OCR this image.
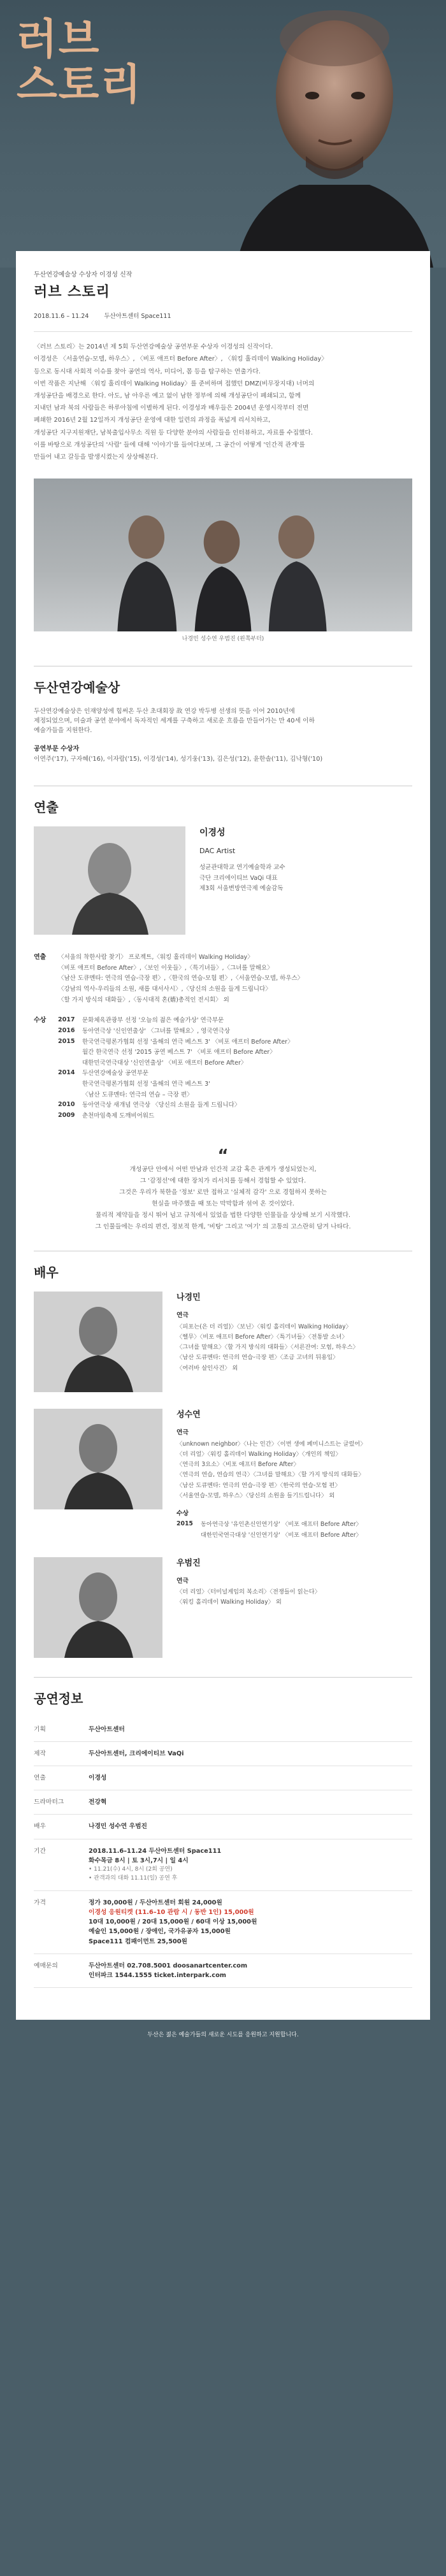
러브
스토리
두산연강예술상 수상자 이경성 신작
러브 스토리
2018.11.6 – 11.24	두산아트센터 Space111

〈러브 스토리〉는 2014년 제 5회 두산연강예술상 공연부문 수상자 이경성의 신작이다.

이경성은 〈서울연습-모델, 하우스〉, 〈비포 애프터 Before After〉, 〈워킹 홀리데이 Walking Holiday〉

등으로 동시대 사회적 이슈를 찾아 공연의 역사, 미디어, 몸 등을 탐구하는 연출가다.

이번 작품은 지난해 〈워킹 홀리데이 Walking Holiday〉를 준비하며 접했던 DMZ(비무장지대) 너머의

개성공단을 배경으로 한다. 아도, 남 아우른 예고 없이 남한 정부에 의해 개성공단이 폐쇄되고, 함께

지내던 남과 북의 사람들은 하루아침에 이별하게 된다. 이경성과 배우들은 2004년 운영시작부터 전면

폐쇄한 2016년 2월 12일까지 개성공단 운영에 대한 일련의 과정을 폭넓게 리서치하고,

개성공단 지구지원재단, 남북출입사무소 직원 등 다양한 분야의 사람들을 인터뷰하고, 자료를 수집했다.

이를 바탕으로 개성공단의 '사람' 들에 대해 '이야기'를 들여다보며, 그 공간이 어떻게 '인간적 관계'를

만들어 내고 갈등을 발생시켰는지 상상해본다.

나경민 성수연 우범진 (왼쪽부터)
두산연강예술상

두산연강예술상은 인재양성에 힘써온 두산 초대회장 故 연강 박두병 선생의 뜻을 이어 2010년에

제정되었으며, 미술과 공연 분야에서 독자적인 세계를 구축하고 새로운 흐름을 만들어가는 만 40세 이하

예술가들을 지원한다.

공연부문 수상자

이연주('17), 구자혜('16), 이자람('15), 이경성('14), 성기웅('13), 김은성('12), 윤한솔('11), 김낙형('10)

연출
이경성
DAC Artist
성균관대학교 연기예술학과 교수
극단 크리에이티브 VaQi 대표
제3회 서울변방연극제 예술감독
연출	〈서울의 착한사람 찾기〉 프로젝트,〈워킹 홀리데이 Walking Holiday〉

〈비포 애프터 Before After〉,〈보인 이웃들〉,〈특기녀들〉,〈그녀를 말해요〉

〈남산 도큐멘타: 연극의 연습-극장 편〉,〈한국의 연습-모험 편〉,〈서울연습-모델, 하우스〉

〈강남의 역사-우리들의 소원, 새롭 대서사시〉,〈당신의 소원을 들게 드립니다〉

〈할 가지 방식의 대화들〉,〈동시대적 혼(嬙)총적인 전시회〉 외

수상	2017	문화체육관광부 선정 '오늘의 젊은 예술가상' 연극부문
2016	동아연극상 '신인연출상' 〈그녀를 말해요〉, 영국연극상
2015	한국연극평론가협회 선정 '올해의 연극 베스트 3' 〈비포 애프터 Before After〉
월간 한국연극 선정 '2015 공연 베스트 7' 〈비포 애프터 Before After〉
대한민국연극대상 '신인연출상' 〈비포 애프터 Before After〉
2014	두산연강예술상 공연부문
한국연극평론가협회 선정 '올해의 연극 베스트 3'
〈남산 도큐멘타: 연극의 연습 – 극장 편〉
2010	동아연극상 새개념 연극상 〈당신의 소원을 들게 드립니다〉
2009	춘천마임축제 도깨비어워드
“

개성공단 안에서 어떤 만남과 인간적 교감 혹은 관계가 생성되었는지,

그 '감정선'에 대한 장치가 리서치를 등해서 경험할 수 있었다.

그것은 우리가 북한을 '정보' 로만 접하고 '실체적 감각' 으로 경험하지 못하는

현실을 마주했을 때 또는 막막함과 섞여 온 것이었다.

물리적 제약들을 정시 뛰어 넘고 규칙에서 있었을 법한 다양한 인물들을 상상해 보기 시작했다.

그 인물들에는 우리의 편견, 정보적 한계, '비탕' 그리고 '여기' 의 고통의 고스란히 담겨 나타다.

배우
나경민
연극

〈피포는(은 더 리얼)〉〈보닌〉〈워킹 홀리데이 Walking Holiday〉

〈헬무〉〈비포 애프터 Before After〉〈특기녀들〉〈전통발 소녀〉

〈그녀를 말해요〉〈할 가지 방식의 대화들〉〈서른잔여: 모험, 하우스〉

〈남산 도큐멘타: 연극의 연습-극장 편〉〈조금 고녀의 뒤용입〉

〈여러바 살인사건〉 외

성수연
연극

〈unknown neighbor〉〈나는 인간〉〈이번 생에 페미니스트는 글렀어〉

〈더 리얼〉〈워킹 홀리데이 Walking Holiday〉〈개인의 책임〉

〈연극의 3요소〉〈비포 애프터 Before After〉

〈연극의 연습, 연습의 연극〉〈그녀를 말해요〉〈할 가지 방식의 대화들〉

〈남산 도큐멘타: 연극의 연습-극장 편〉〈한국의 연습-모험 편〉

〈서울연습-모델, 하우스〉〈당신의 소원을 들기드립니다〉 외

수상
2015	동아연극상 '유인촌신인연기상' 〈비포 애프터 Before After〉

대한민국연극대상 '신인연기상' 〈비포 애프터 Before After〉

우범진
연극

〈더 리얼〉〈터미널게임의 복소리〉〈전쟁들이 읽는다〉

〈워킹 홀리데이 Walking Holiday〉 외

공연정보
기획	두산아트센터
제작	두산아트센터, 크리에이티브 VaQi
연출	이경성
드라마터그	전강혁
배우	나경민 성수연 우범진
기간	2018.11.6–11.24 두산아트센터 Space111
화수목금 8시 | 토 3시,7시 | 일 4시
• 11.21(수) 4시, 8시 (2회 공연)
• 관객과의 대화 11.11(일) 공연 후

가격	정가 30,000원 / 두산아트센터 회원 24,000원
이경성 응원티켓 (11.6–10 관람 시 / 동반 1인) 15,000원
10대 10,000원 / 20대 15,000원 / 60대 이상 15,000원
예술인 15,000원 / 장애인, 국가유공자 15,000원
Space111 컴패이먼트 25,500원

예매문의	두산아트센터 02.708.5001 doosanartcenter.com
인터파크 1544.1555 ticket.interpark.com
두산은 젊은 예술가들의 새로운 시도를 응원하고 지원합니다.
